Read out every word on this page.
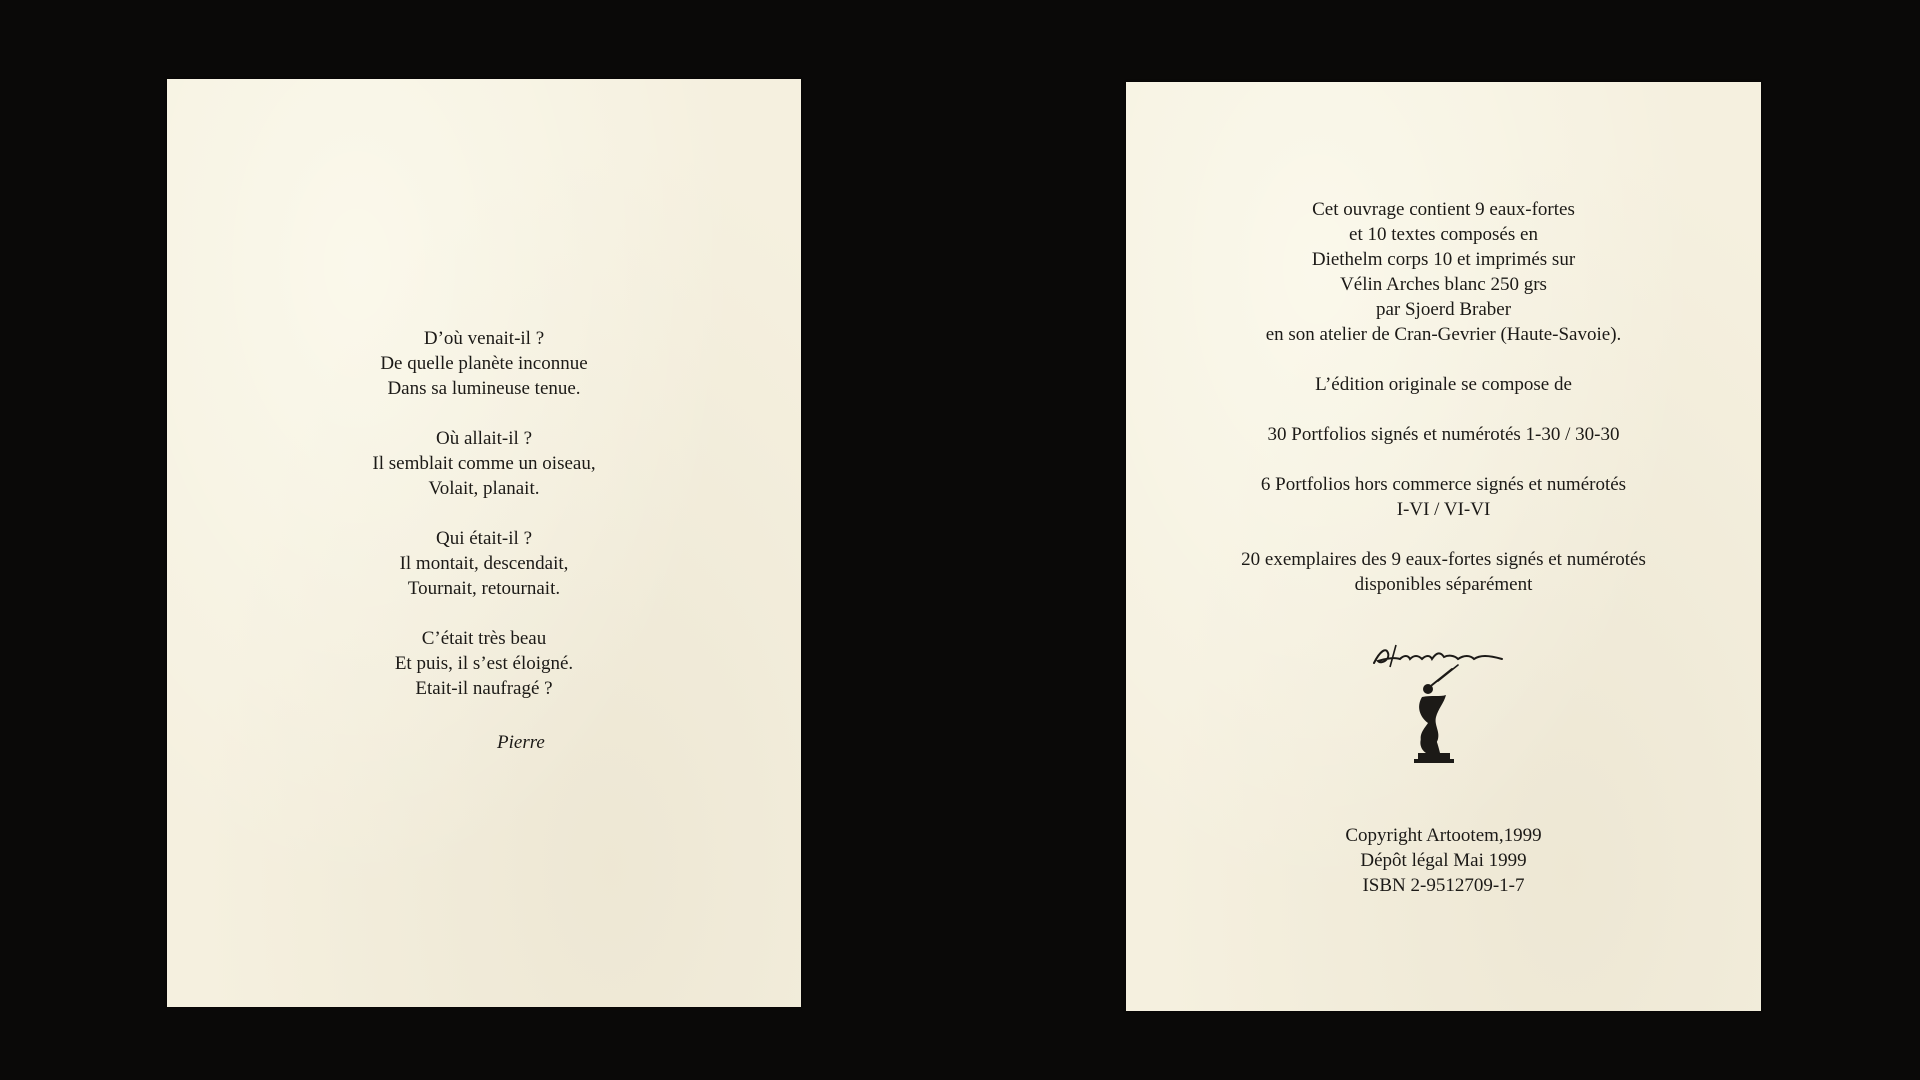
D’où venait-il ?
De quelle planète inconnue
Dans sa lumineuse tenue.
Où allait-il ?
Il semblait comme un oiseau,
Volait, planait.
Qui était-il ?
Il montait, descendait,
Tournait, retournait.
C’était très beau
Et puis, il s’est éloigné.
Etait-il naufragé ?
Pierre
Cet ouvrage contient 9 eaux-fortes
et 10 textes composés en
Diethelm corps 10 et imprimés sur
Vélin Arches blanc 250 grs
par Sjoerd Braber
en son atelier de Cran-Gevrier (Haute-Savoie).
L’édition originale se compose de
30 Portfolios signés et numérotés 1-30 / 30-30
6 Portfolios hors commerce signés et numérotés
I-VI / VI-VI
20 exemplaires des 9 eaux-fortes signés et numérotés
disponibles séparément
Copyright Artootem,1999
Dépôt légal Mai 1999
ISBN 2-9512709-1-7
